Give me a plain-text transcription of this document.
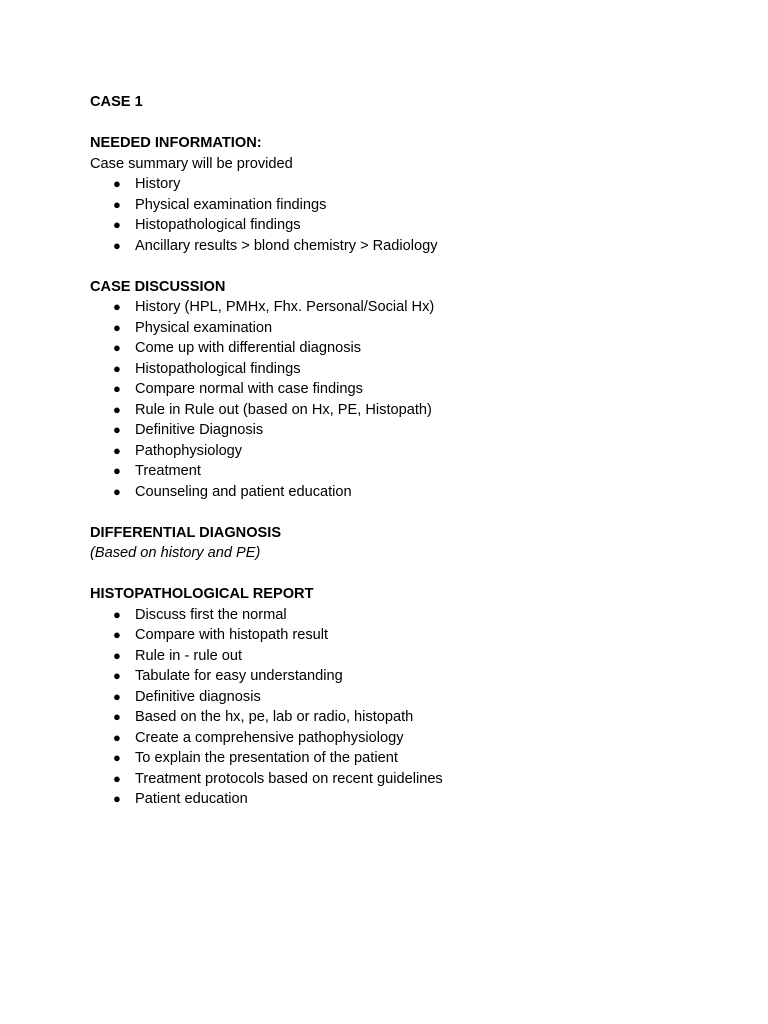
CASE 1

NEEDED INFORMATION:

Case summary will be provided

● History
● Physical examination findings
● Histopathological findings
● Ancillary results > blond chemistry > Radiology

CASE DISCUSSION

● History (HPL, PMHx, Fhx. Personal/Social Hx)
● Physical examination
● Come up with differential diagnosis
● Histopathological findings
● Compare normal with case findings
● Rule in Rule out (based on Hx, PE, Histopath)
● Definitive Diagnosis
● Pathophysiology
● Treatment
● Counseling and patient education

DIFFERENTIAL DIAGNOSIS

(Based on history and PE)

HISTOPATHOLOGICAL REPORT

● Discuss first the normal
● Compare with histopath result
● Rule in - rule out
● Tabulate for easy understanding
● Definitive diagnosis
● Based on the hx, pe, lab or radio, histopath
● Create a comprehensive pathophysiology
● To explain the presentation of the patient
● Treatment protocols based on recent guidelines
● Patient education
